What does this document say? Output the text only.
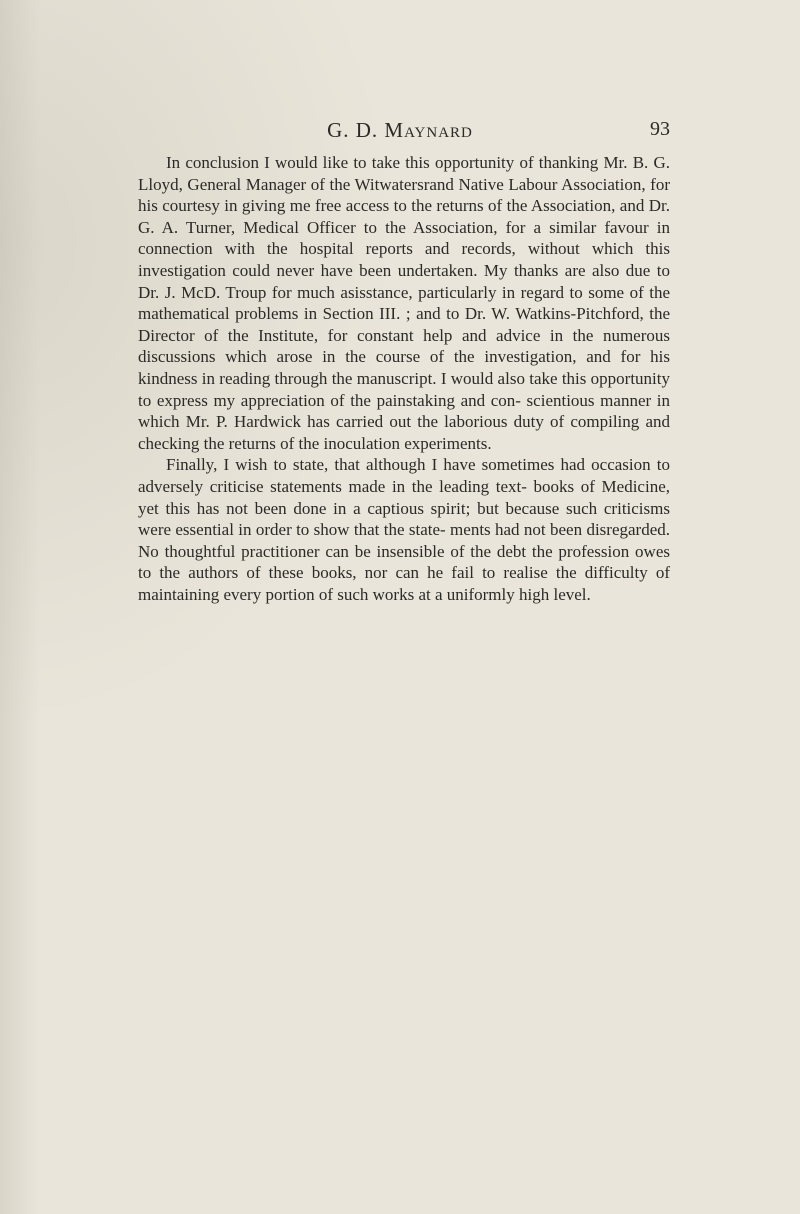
G. D. Maynard	93

In conclusion I would like to take this opportunity of thanking Mr. B. G. Lloyd, General Manager of the Witwatersrand Native Labour Association, for his courtesy in giving me free access to the returns of the Association, and Dr. G. A. Turner, Medical Officer to the Association, for a similar favour in connection with the hospital reports and records, without which this investigation could never have been undertaken. My thanks are also due to Dr. J. McD. Troup for much asisstance, particularly in regard to some of the mathematical problems in Section III. ; and to Dr. W. Watkins-Pitchford, the Director of the Institute, for constant help and advice in the numerous discussions which arose in the course of the investigation, and for his kindness in reading through the manuscript. I would also take this opportunity to express my appreciation of the painstaking and con- scientious manner in which Mr. P. Hardwick has carried out the laborious duty of compiling and checking the returns of the inoculation experiments.

Finally, I wish to state, that although I have sometimes had occasion to adversely criticise statements made in the leading text- books of Medicine, yet this has not been done in a captious spirit; but because such criticisms were essential in order to show that the state- ments had not been disregarded. No thoughtful practitioner can be insensible of the debt the profession owes to the authors of these books, nor can he fail to realise the difficulty of maintaining every portion of such works at a uniformly high level.
